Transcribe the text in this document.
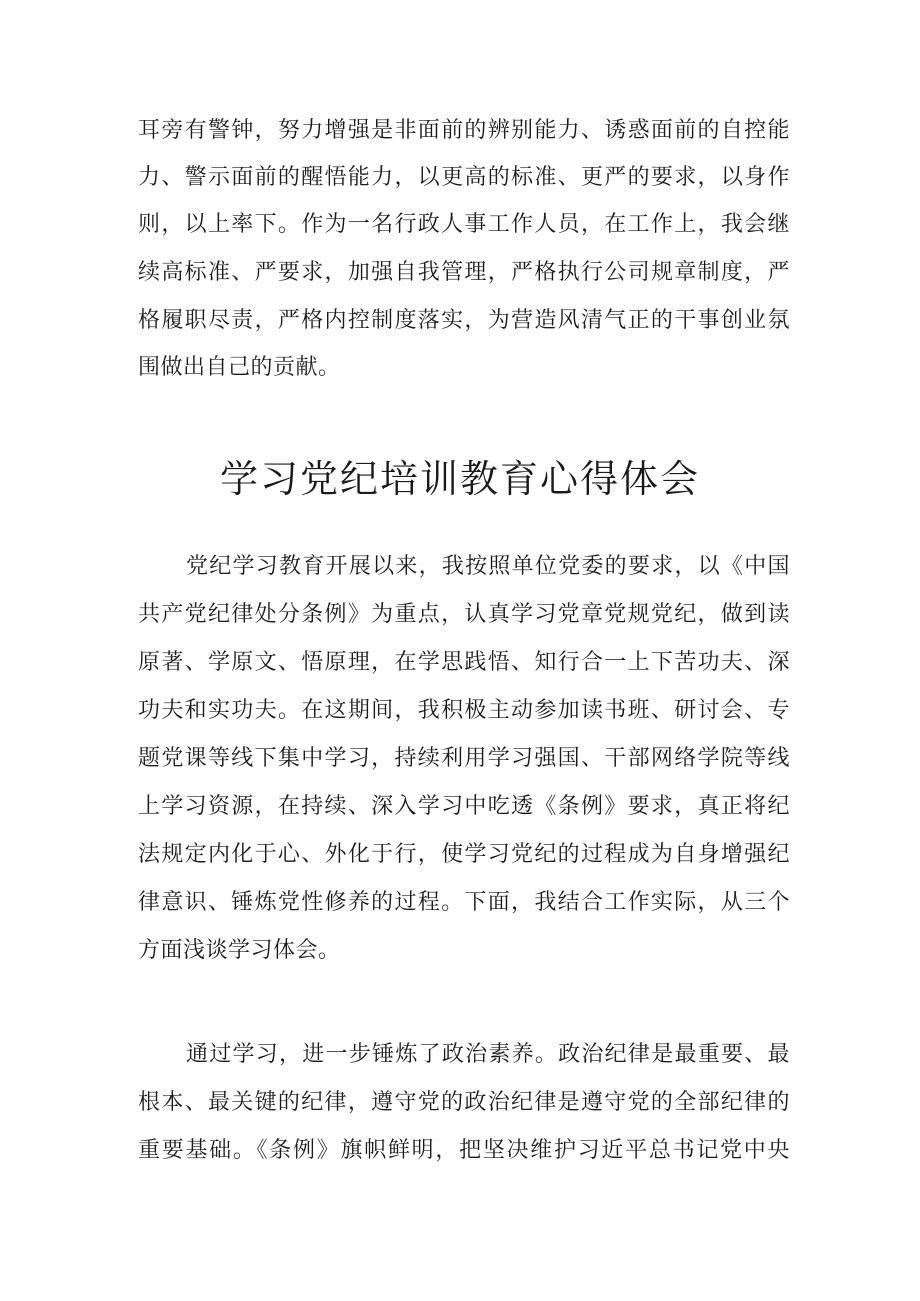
耳旁有警钟，努力增强是非面前的辨别能力、诱惑面前的自控能
力、警示面前的醒悟能力，以更高的标准、更严的要求，以身作
则，以上率下。作为一名行政人事工作人员，在工作上，我会继
续高标准、严要求，加强自我管理，严格执行公司规章制度，严
格履职尽责，严格内控制度落实，为营造风清气正的干事创业氛
围做出自己的贡献。
学习党纪培训教育心得体会
党纪学习教育开展以来，我按照单位党委的要求，以《中国
共产党纪律处分条例》为重点，认真学习党章党规党纪，做到读
原著、学原文、悟原理，在学思践悟、知行合一上下苦功夫、深
功夫和实功夫。在这期间，我积极主动参加读书班、研讨会、专
题党课等线下集中学习，持续利用学习强国、干部网络学院等线
上学习资源，在持续、深入学习中吃透《条例》要求，真正将纪
法规定内化于心、外化于行，使学习党纪的过程成为自身增强纪
律意识、锤炼党性修养的过程。下面，我结合工作实际，从三个
方面浅谈学习体会。
通过学习，进一步锤炼了政治素养。政治纪律是最重要、最
根本、最关键的纪律，遵守党的政治纪律是遵守党的全部纪律的
重要基础。《条例》旗帜鲜明，把坚决维护习近平总书记党中央
